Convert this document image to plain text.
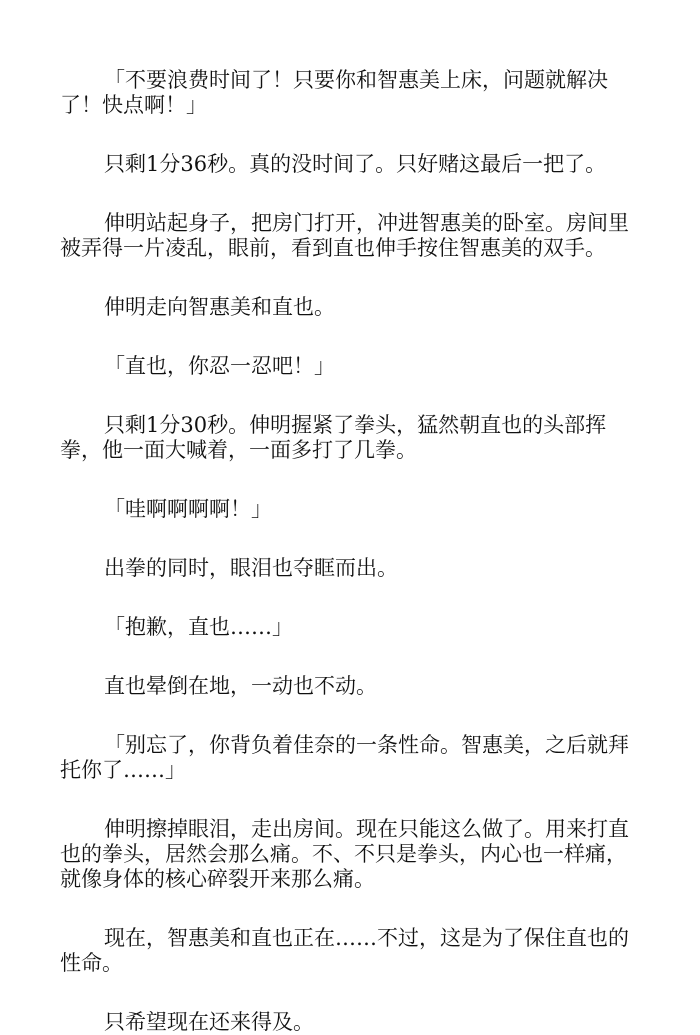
「不要浪费时间了！只要你和智惠美上床，问题就解决了！快点啊！」

只剩1分36秒。真的没时间了。只好赌这最后一把了。

伸明站起身子，把房门打开，冲进智惠美的卧室。房间里被弄得一片凌乱，眼前，看到直也伸手按住智惠美的双手。

伸明走向智惠美和直也。

「直也，你忍一忍吧！」

只剩1分30秒。伸明握紧了拳头，猛然朝直也的头部挥拳，他一面大喊着，一面多打了几拳。

「哇啊啊啊啊！」

出拳的同时，眼泪也夺眶而出。

「抱歉，直也……」

直也晕倒在地，一动也不动。

「别忘了，你背负着佳奈的一条性命。智惠美，之后就拜托你了……」

伸明擦掉眼泪，走出房间。现在只能这么做了。用来打直也的拳头，居然会那么痛。不、不只是拳头，内心也一样痛，就像身体的核心碎裂开来那么痛。

现在，智惠美和直也正在……不过，这是为了保住直也的性命。

只希望现在还来得及。
